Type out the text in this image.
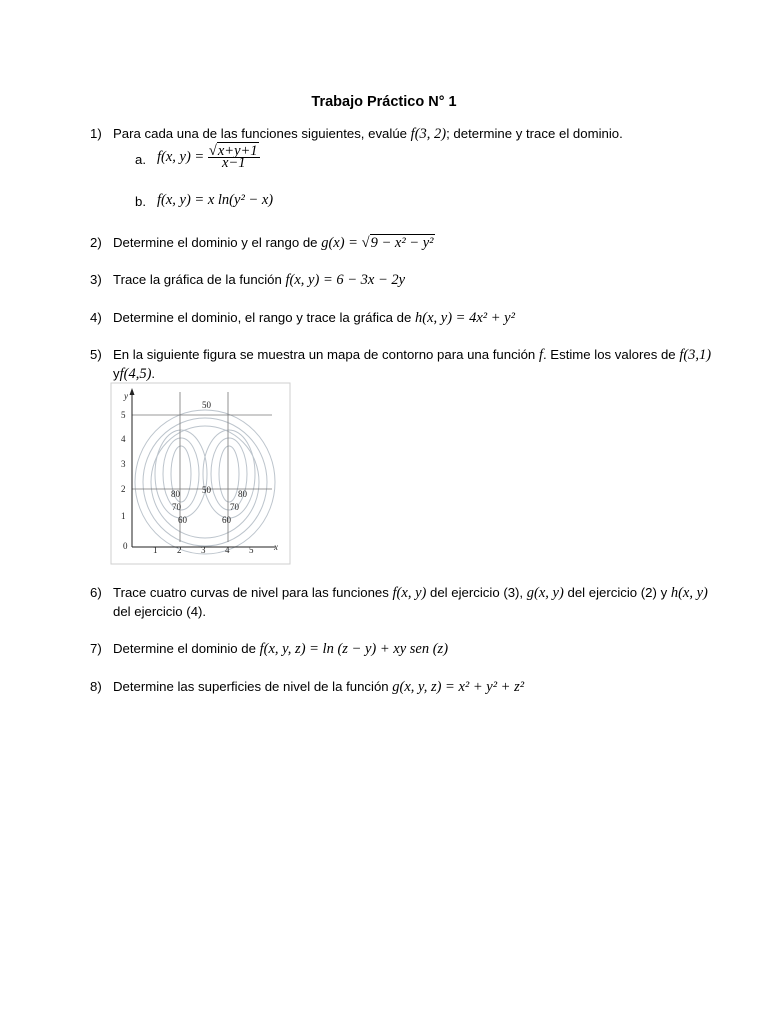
Trabajo Práctico N° 1
1) Para cada una de las funciones siguientes, evalúe f(3, 2); determine y trace el dominio.
a. f(x, $y) = \frac{√x+y+1}{x-1}$
b. f(x, y) = x ln(y² − x)
2) Determine el dominio y el rango de g(x) = √9 − x² − y²
3) Trace la gráfica de la función f(x, y) = 6 − 3x − 2y
4) Determine el dominio, el rango y trace la gráfica de h(x, y) = 4x² + y²
5) En la siguiente figura se muestra un mapa de contorno para una función f. Estime los valores de f(3,1)
yf(4,5).
y
x
0	1 2 3 4 5
1
2
3
4
5
50
50
80
70
60
80
70
60
6) Trace cuatro curvas de nivel para las funciones f(x, y) del ejercicio (3), g(x, y) del ejercicio (2) y h(x, y)
del ejercicio (4).
7) Determine el dominio de f(x, y, z) = ln (z − y) + xy sen (z)
8) Determine las superficies de nivel de la función g(x, y, z) = x² + y² + z²
